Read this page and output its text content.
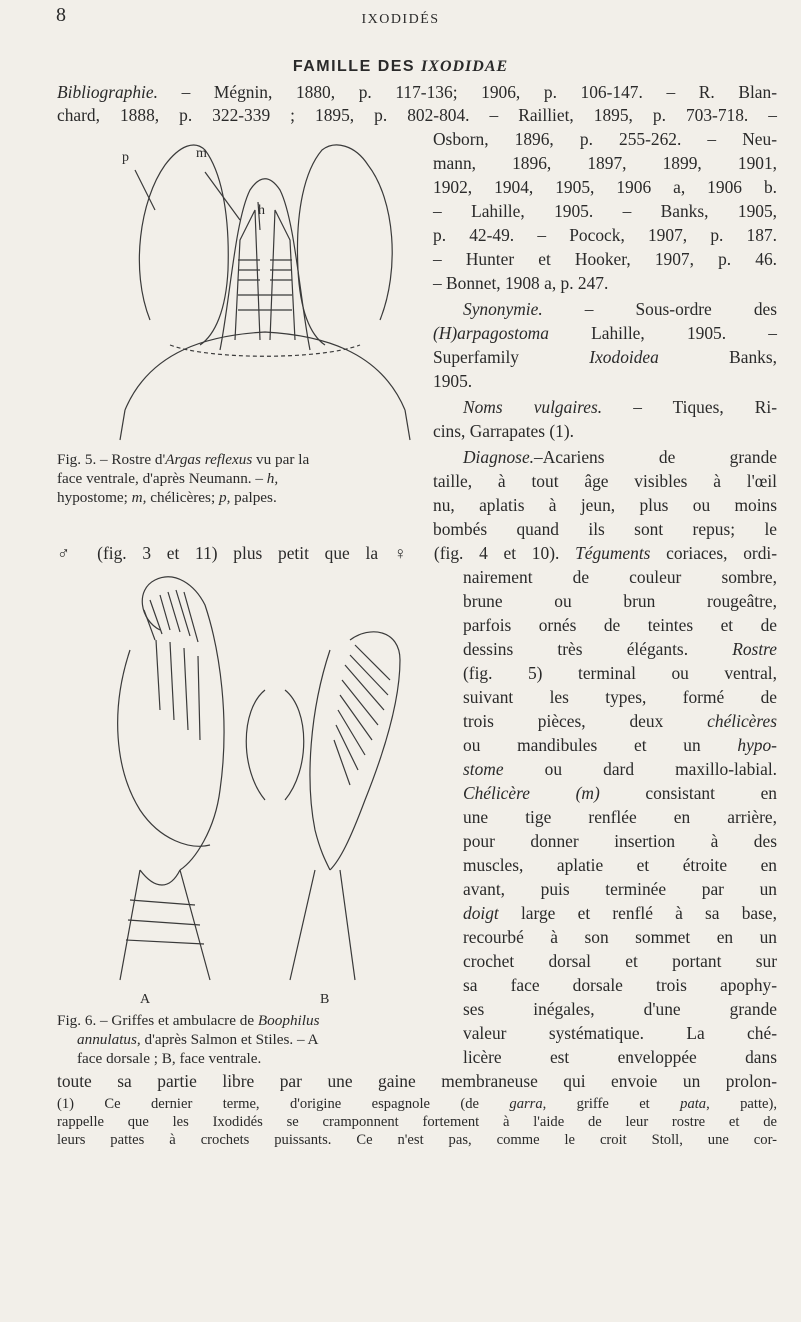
8	IXODIDÉS
FAMILLE DES IXODIDAE
Bibliographie. – Mégnin, 1880, p. 117-136; 1906, p. 106-147. – R. Blan-
chard, 1888, p. 322-339 ; 1895, p. 802-804. – Railliet, 1895, p. 703-718. –
p	m
h
Osborn, 1896, p. 255-262. – Neu-
mann, 1896, 1897, 1899, 1901,
1902, 1904, 1905, 1906 a, 1906 b.
– Lahille, 1905. – Banks, 1905,
p. 42-49. – Pocock, 1907, p. 187.
– Hunter et Hooker, 1907, p. 46.
– Bonnet, 1908 a, p. 247.
Synonymie. – Sous-ordre des
(H)arpagostoma Lahille, 1905. –
Superfamily Ixodoidea Banks,
1905.
Noms vulgaires. – Tiques, Ri-
cins, Garrapates (1).
Fig. 5. – Rostre d'Argas reflexus vu par la
face ventrale, d'après Neumann. – h,
hypostome; m, chélicères; p, palpes.
Diagnose.–Acariens de grande
taille, à tout âge visibles à l'œil
nu, aplatis à jeun, plus ou moins
bombés quand ils sont repus; le
♂ (fig. 3 et 11) plus petit que la ♀ (fig. 4 et 10). Téguments coriaces, ordi-
A	B
nairement de couleur sombre,
brune ou brun rougeâtre,
parfois ornés de teintes et de
dessins très élégants.	Rostre
(fig. 5) terminal ou ventral,
suivant les types, formé de
trois pièces, deux	chélicères
ou mandibules et un hypo-
stome ou dard maxillo-labial.
Chélicère	(m) consistant en
une tige renflée en arrière,
pour donner insertion à des
muscles, aplatie et étroite en
avant, puis terminée par un
doigt large et renflé à sa base,
recourbé à son sommet en un
crochet dorsal et portant sur
sa face dorsale trois apophy-
ses inégales, d'une grande
valeur systématique. La ché-
licère est enveloppée dans
toute sa partie libre par une gaine membraneuse qui envoie un prolon-
Fig. 6. – Griffes et ambulacre de Boophilus
annulatus, d'après Salmon et Stiles. – A
face dorsale ; B, face ventrale.
(1) Ce dernier terme, d'origine espagnole (de garra, griffe et pata, patte),
rappelle que les Ixodidés se cramponnent fortement à l'aide de leur rostre et de
leurs pattes à crochets puissants. Ce n'est pas, comme le croit Stoll, une cor-
